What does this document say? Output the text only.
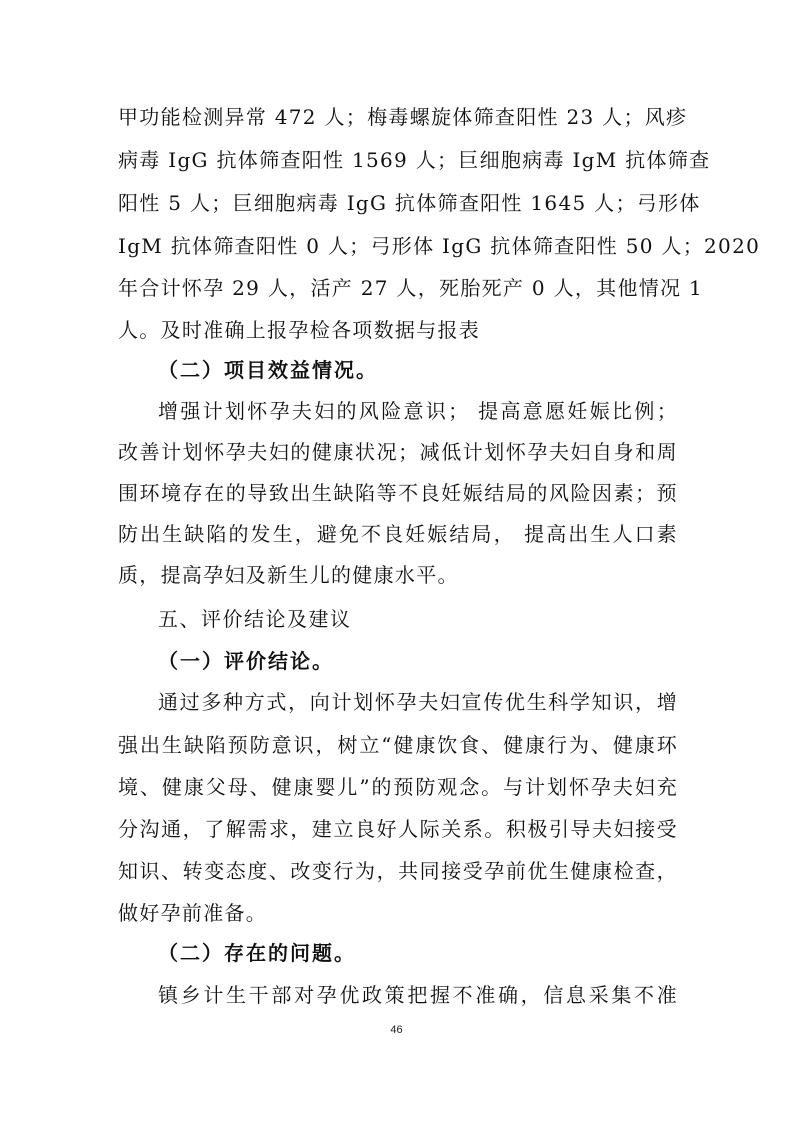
甲功能检测异常 472 人；梅毒螺旋体筛查阳性 23 人；风疹
病毒 IgG 抗体筛查阳性 1569 人；巨细胞病毒 IgM 抗体筛查
阳性 5 人；巨细胞病毒 IgG 抗体筛查阳性 1645 人；弓形体
IgM 抗体筛查阳性 0 人；弓形体 IgG 抗体筛查阳性 50 人；2020
年合计怀孕 29 人，活产 27 人，死胎死产 0 人，其他情况 1
人。及时准确上报孕检各项数据与报表
（二）项目效益情况。
增强计划怀孕夫妇的风险意识； 提高意愿妊娠比例；
改善计划怀孕夫妇的健康状况；减低计划怀孕夫妇自身和周
围环境存在的导致出生缺陷等不良妊娠结局的风险因素；预
防出生缺陷的发生，避免不良妊娠结局， 提高出生人口素
质，提高孕妇及新生儿的健康水平。
五、评价结论及建议
（一）评价结论。
通过多种方式，向计划怀孕夫妇宣传优生科学知识，增
强出生缺陷预防意识，树立“健康饮食、健康行为、健康环
境、健康父母、健康婴儿”的预防观念。与计划怀孕夫妇充
分沟通，了解需求，建立良好人际关系。积极引导夫妇接受
知识、转变态度、改变行为，共同接受孕前优生健康检查，
做好孕前准备。
（二）存在的问题。
镇乡计生干部对孕优政策把握不准确，信息采集不准
46
